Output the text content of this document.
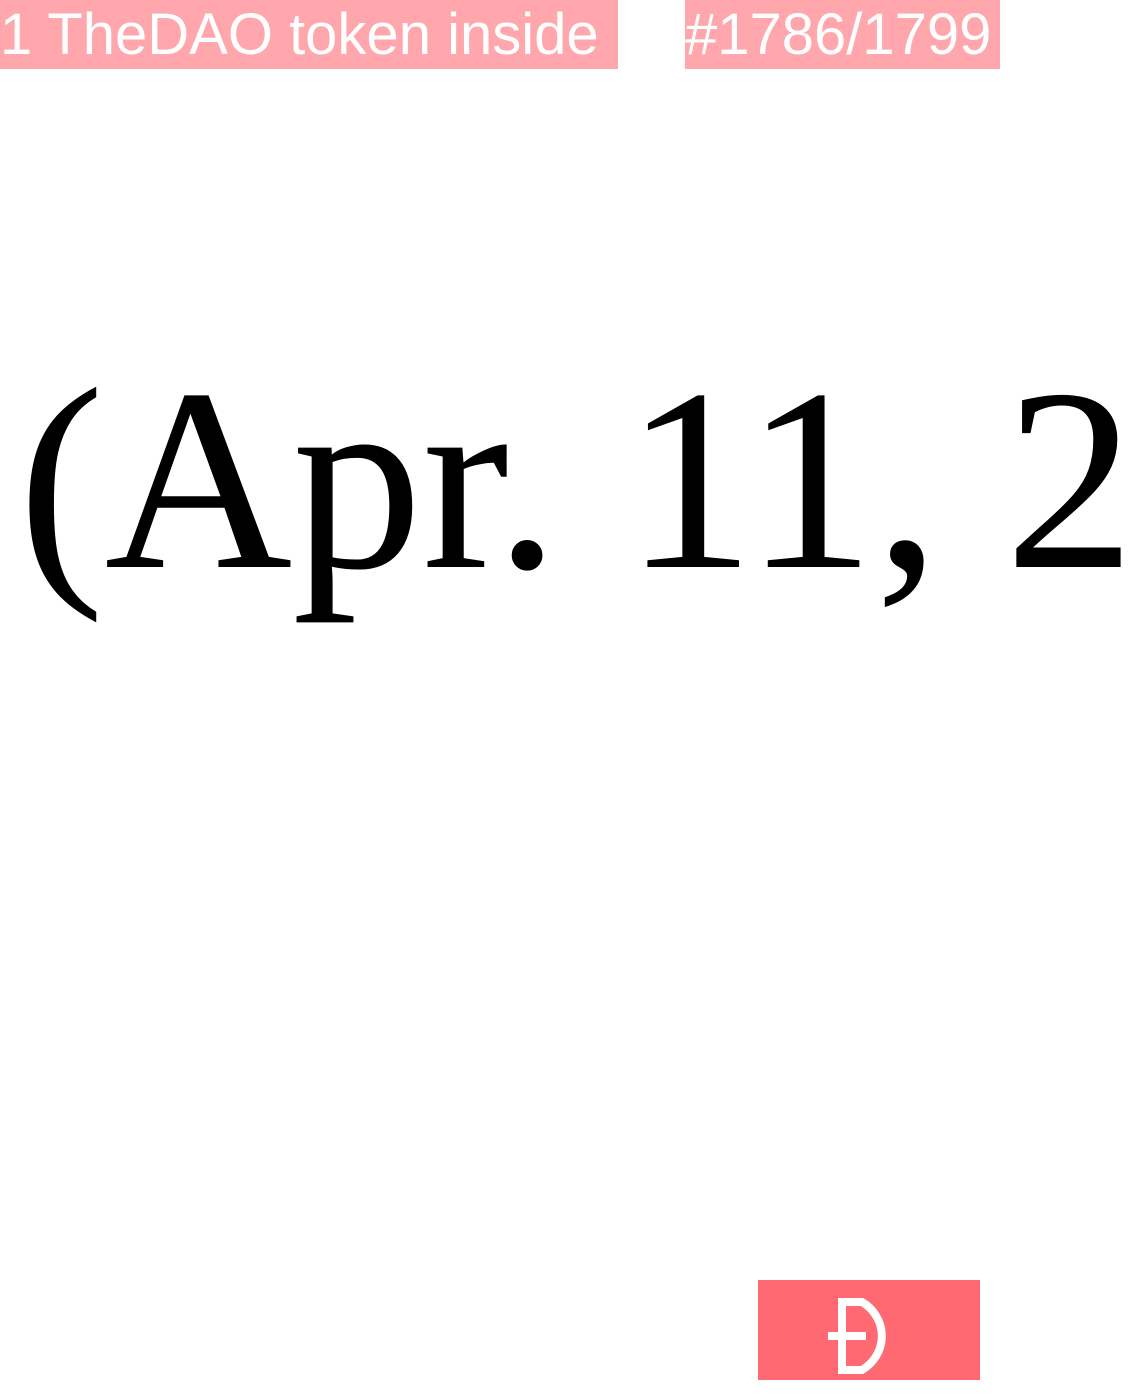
1 TheDAO token inside	#1786/1799
(Apr. 11, 2
